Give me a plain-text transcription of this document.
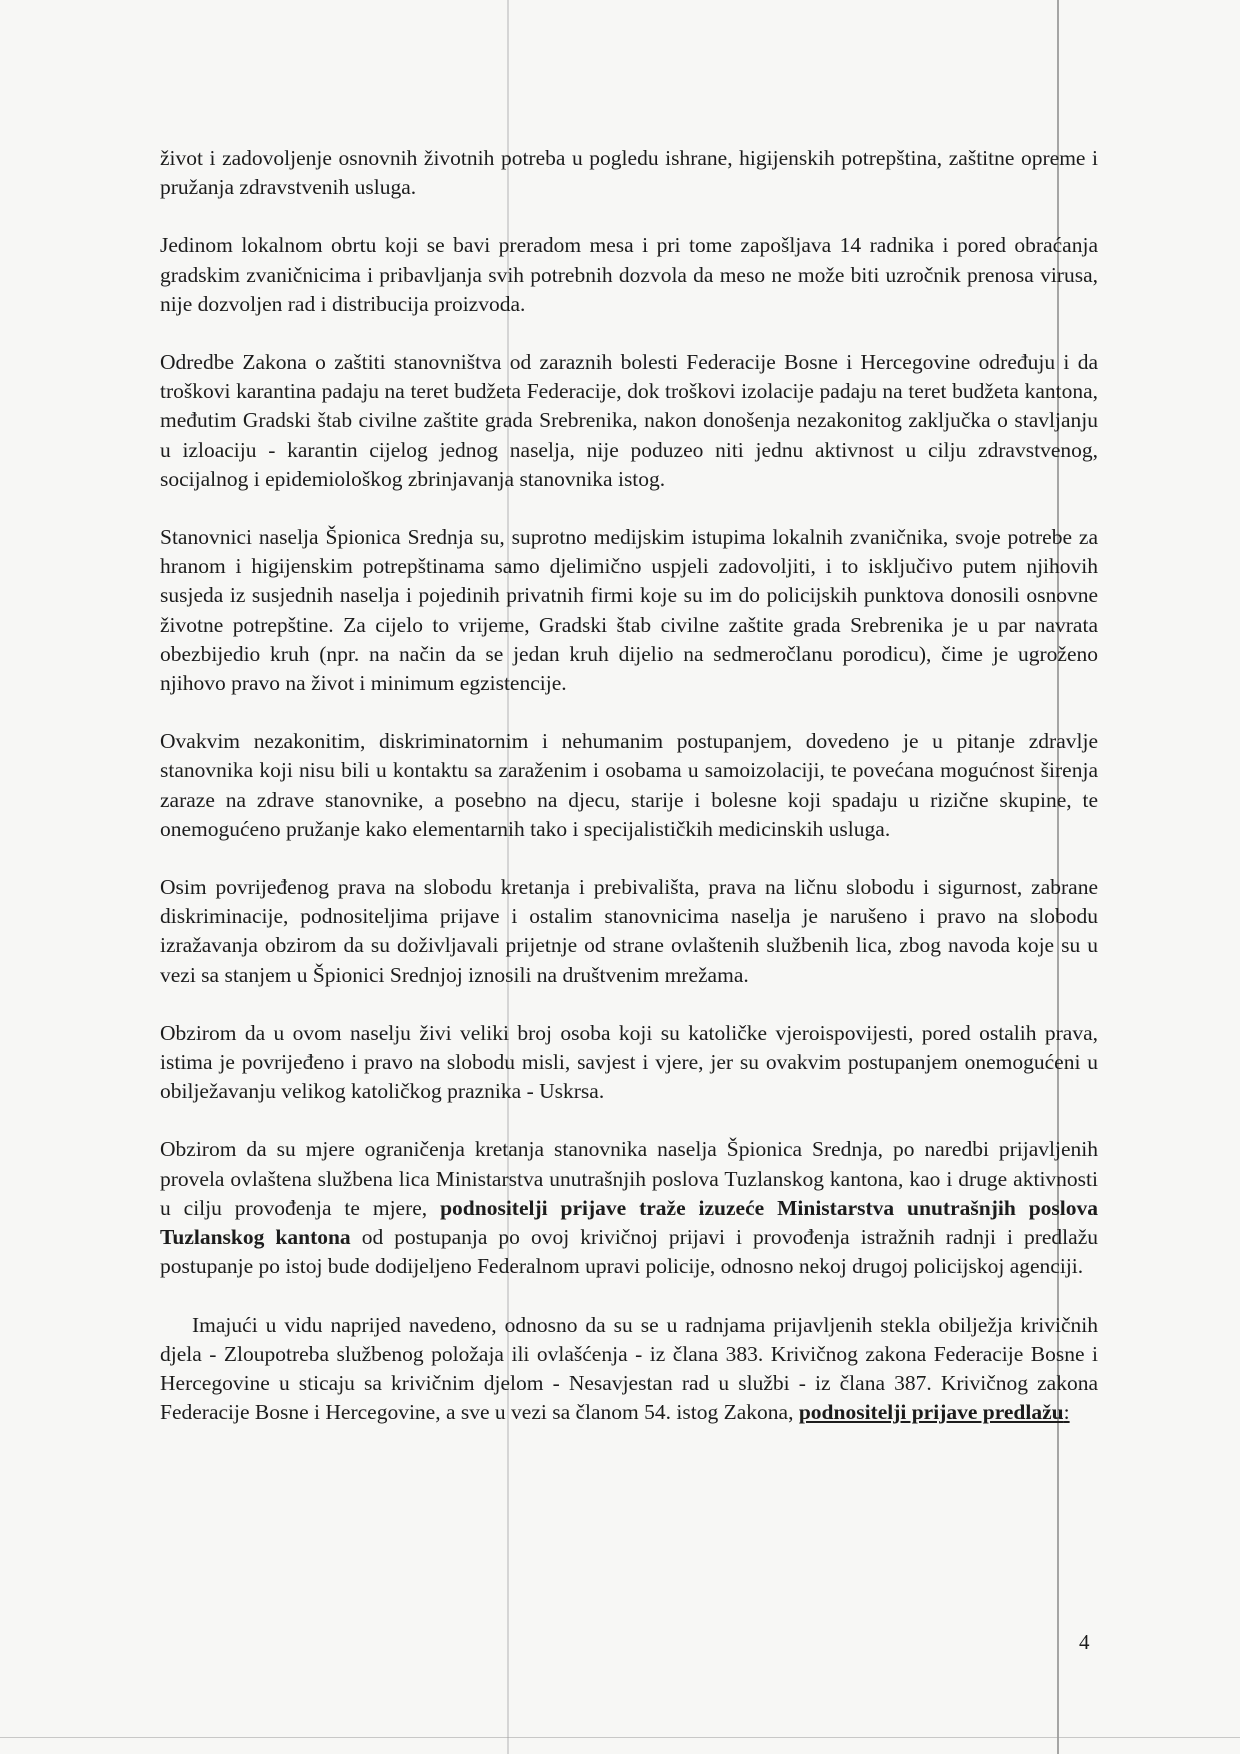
život i zadovoljenje osnovnih životnih potreba u pogledu ishrane, higijenskih potrepština, zaštitne opreme i pružanja zdravstvenih usluga.

Jedinom lokalnom obrtu koji se bavi preradom mesa i pri tome zapošljava 14 radnika i pored obraćanja gradskim zvaničnicima i pribavljanja svih potrebnih dozvola da meso ne može biti uzročnik prenosa virusa, nije dozvoljen rad i distribucija proizvoda.

Odredbe Zakona o zaštiti stanovništva od zaraznih bolesti Federacije Bosne i Hercegovine određuju i da troškovi karantina padaju na teret budžeta Federacije, dok troškovi izolacije padaju na teret budžeta kantona, međutim Gradski štab civilne zaštite grada Srebrenika, nakon donošenja nezakonitog zaključka o stavljanju u izloaciju - karantin cijelog jednog naselja, nije poduzeo niti jednu aktivnost u cilju zdravstvenog, socijalnog i epidemiološkog zbrinjavanja stanovnika istog.

Stanovnici naselja Špionica Srednja su, suprotno medijskim istupima lokalnih zvaničnika, svoje potrebe za hranom i higijenskim potrepštinama samo djelimično uspjeli zadovoljiti, i to isključivo putem njihovih susjeda iz susjednih naselja i pojedinih privatnih firmi koje su im do policijskih punktova donosili osnovne životne potrepštine. Za cijelo to vrijeme, Gradski štab civilne zaštite grada Srebrenika je u par navrata obezbijedio kruh (npr. na način da se jedan kruh dijelio na sedmeročlanu porodicu), čime je ugroženo njihovo pravo na život i minimum egzistencije.

Ovakvim nezakonitim, diskriminatornim i nehumanim postupanjem, dovedeno je u pitanje zdravlje stanovnika koji nisu bili u kontaktu sa zaraženim i osobama u samoizolaciji, te povećana mogućnost širenja zaraze na zdrave stanovnike, a posebno na djecu, starije i bolesne koji spadaju u rizične skupine, te onemogućeno pružanje kako elementarnih tako i specijalističkih medicinskih usluga.

Osim povrijeđenog prava na slobodu kretanja i prebivališta, prava na ličnu slobodu i sigurnost, zabrane diskriminacije, podnositeljima prijave i ostalim stanovnicima naselja je narušeno i pravo na slobodu izražavanja obzirom da su doživljavali prijetnje od strane ovlaštenih službenih lica, zbog navoda koje su u vezi sa stanjem u Špionici Srednjoj iznosili na društvenim mrežama.

Obzirom da u ovom naselju živi veliki broj osoba koji su katoličke vjeroispovijesti, pored ostalih prava, istima je povrijeđeno i pravo na slobodu misli, savjest i vjere, jer su ovakvim postupanjem onemogućeni u obilježavanju velikog katoličkog praznika - Uskrsa.

Obzirom da su mjere ograničenja kretanja stanovnika naselja Špionica Srednja, po naredbi prijavljenih provela ovlaštena službena lica Ministarstva unutrašnjih poslova Tuzlanskog kantona, kao i druge aktivnosti u cilju provođenja te mjere, podnositelji prijave traže izuzeće Ministarstva unutrašnjih poslova Tuzlanskog kantona od postupanja po ovoj krivičnoj prijavi i provođenja istražnih radnji i predlažu postupanje po istoj bude dodijeljeno Federalnom upravi policije, odnosno nekoj drugoj policijskoj agenciji.

Imajući u vidu naprijed navedeno, odnosno da su se u radnjama prijavljenih stekla obilježja krivičnih djela - Zloupotreba službenog položaja ili ovlašćenja - iz člana 383. Krivičnog zakona Federacije Bosne i Hercegovine u sticaju sa krivičnim djelom - Nesavjestan rad u službi - iz člana 387. Krivičnog zakona Federacije Bosne i Hercegovine, a sve u vezi sa članom 54. istog Zakona, podnositelji prijave predlažu:

4
